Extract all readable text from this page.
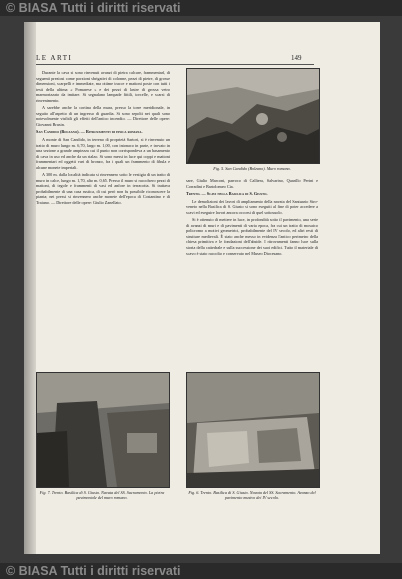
© BIASA Tutti i diritti riservati
LE ARTI	149

Durante la cava si sono rinvenuti avanzi di pietra calcare, frammentarî, di seguenti preziosi come porzioni sbrigativi di colonne, pezzi di pietre, di grosse dimensioni, scarpelli e immediate, ma ottime tracce e mattoni poste con tutti i testi della ultima « Pomarese » e dei pezzi di lastre di grossa vetro marmorizzato da imitare. Si segnalano lampade fittili, torcelle, e scarsi di rinvenimento.

A sarebbe anche la cortina della mura, presso la torre meridionale, in seguito all'aspetto di un ingresso di guardia. Si sono sepolti nei quali sono notevolmente visibili gli effetti dell'antico incendio. — Direttore delle opere: Giovanni Brusin.

San Candido (Bolzano). — Ritrovamenti di epoca romana.

A monte di San Candido, in terreno di proprietà Sartori, si è rinvenuto un tratto di muro lungo m. 6,70, largo m. 1,00, con intonaco in parte, e trovato in una sezione a grande ampiezza cui il punto non corrispondeva a un basamento di cava in uso ed anche da un rialzo. Si sono messi in luce qui coppi e mattoni frammentari ed oggetti vari di bronzo, fra i quali un frammento di fibula e alcune monete imperiali.

A 300 m. dalla località indicata si rinvennero sotto le vestigia di un tratto di muro in calce, lungo m. 1,70, alto m. 0,65. Presso il muro si raccolsero pezzi di mattoni, di tegole e frammenti di vasi ed anfore in terracotta. Si trattava probabilmente di una casa rustica, di cui però non fu possibile riconoscere la pianta; nei pressi si rinvennero anche monete dell'epoca di Costantino e di Traiano. — Direttore delle opere: Giulio Zanellato.

Fig. 5. San Candido (Bolzano). Muro romano.

sare, Giulio Marconi, parroco di Calliera, Salvarino, Quarillo Perini e Corradini e Bartolomeo Cia.

Trento. — Scavi nella Basilica di S. Giusto.

Le demolizioni dei lavori di ampliamento della navata del Santuario Siro-veneto nella Basilica di S. Giusto si sono eseguiti al fine di poter accedere a scavi ed eseguire lavori ancora occorsi di quel sottosuolo.

Si è ottenuto di mettere in luce, in profondità sotto il pavimento, una serie di avanzi di muri e di pavimenti di varia epoca, fra cui un tratto di mosaico policromo a motivi geometrici, probabilmente del IV secolo, ed altri resti di strutture medievali. È stato anche messo in evidenza l'antico perimetro della chiesa primitiva e le fondazioni dell'abside. I ritrovamenti fanno luce sulla storia della cattedrale e sulla successione dei suoi edifici. Tutto il materiale di scavo è stato raccolto e conservato nel Museo Diocesano.

Fig. 7. Trento. Basilica di S. Giusto. Navata del SS. Sacramento. La pietra pavimentale del muro romano.
Fig. 6. Trento. Basilica di S. Giusto. Navata del SS. Sacramento. Avanzo del pavimento musivo dei IV secolo.
© BIASA Tutti i diritti riservati
